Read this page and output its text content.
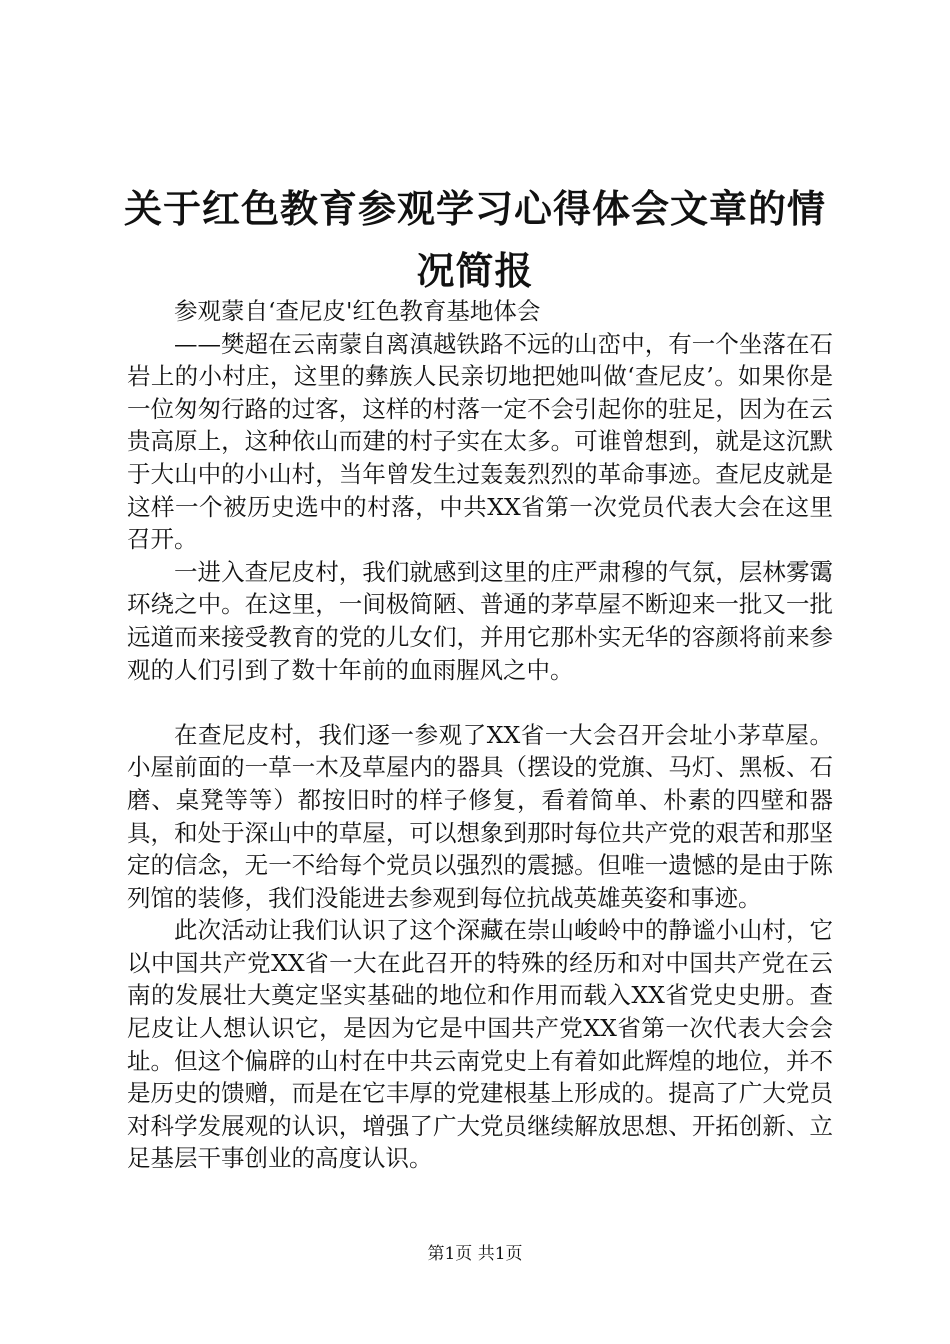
关于红色教育参观学习心得体会文章的情况简报

参观蒙自‘查尼皮'红色教育基地体会

——樊超在云南蒙自离滇越铁路不远的山峦中，有一个坐落在石岩上的小村庄，这里的彝族人民亲切地把她叫做‘查尼皮’。如果你是一位匆匆行路的过客，这样的村落一定不会引起你的驻足，因为在云贵高原上，这种依山而建的村子实在太多。可谁曾想到，就是这沉默于大山中的小山村，当年曾发生过轰轰烈烈的革命事迹。查尼皮就是这样一个被历史选中的村落，中共XX省第一次党员代表大会在这里召开。

一进入查尼皮村，我们就感到这里的庄严肃穆的气氛，层林雾霭环绕之中。在这里，一间极简陋、普通的茅草屋不断迎来一批又一批远道而来接受教育的党的儿女们，并用它那朴实无华的容颜将前来参观的人们引到了数十年前的血雨腥风之中。

在查尼皮村，我们逐一参观了XX省一大会召开会址小茅草屋。小屋前面的一草一木及草屋内的器具（摆设的党旗、马灯、黑板、石磨、桌凳等等）都按旧时的样子修复，看着简单、朴素的四壁和器具，和处于深山中的草屋，可以想象到那时每位共产党的艰苦和那坚定的信念，无一不给每个党员以强烈的震撼。但唯一遗憾的是由于陈列馆的装修，我们没能进去参观到每位抗战英雄英姿和事迹。

此次活动让我们认识了这个深藏在崇山峻岭中的静谧小山村，它以中国共产党XX省一大在此召开的特殊的经历和对中国共产党在云南的发展壮大奠定坚实基础的地位和作用而载入XX省党史史册。查尼皮让人想认识它，是因为它是中国共产党XX省第一次代表大会会址。但这个偏辟的山村在中共云南党史上有着如此辉煌的地位，并不是历史的馈赠，而是在它丰厚的党建根基上形成的。提高了广大党员对科学发展观的认识，增强了广大党员继续解放思想、开拓创新、立足基层干事创业的高度认识。

第1页 共1页
